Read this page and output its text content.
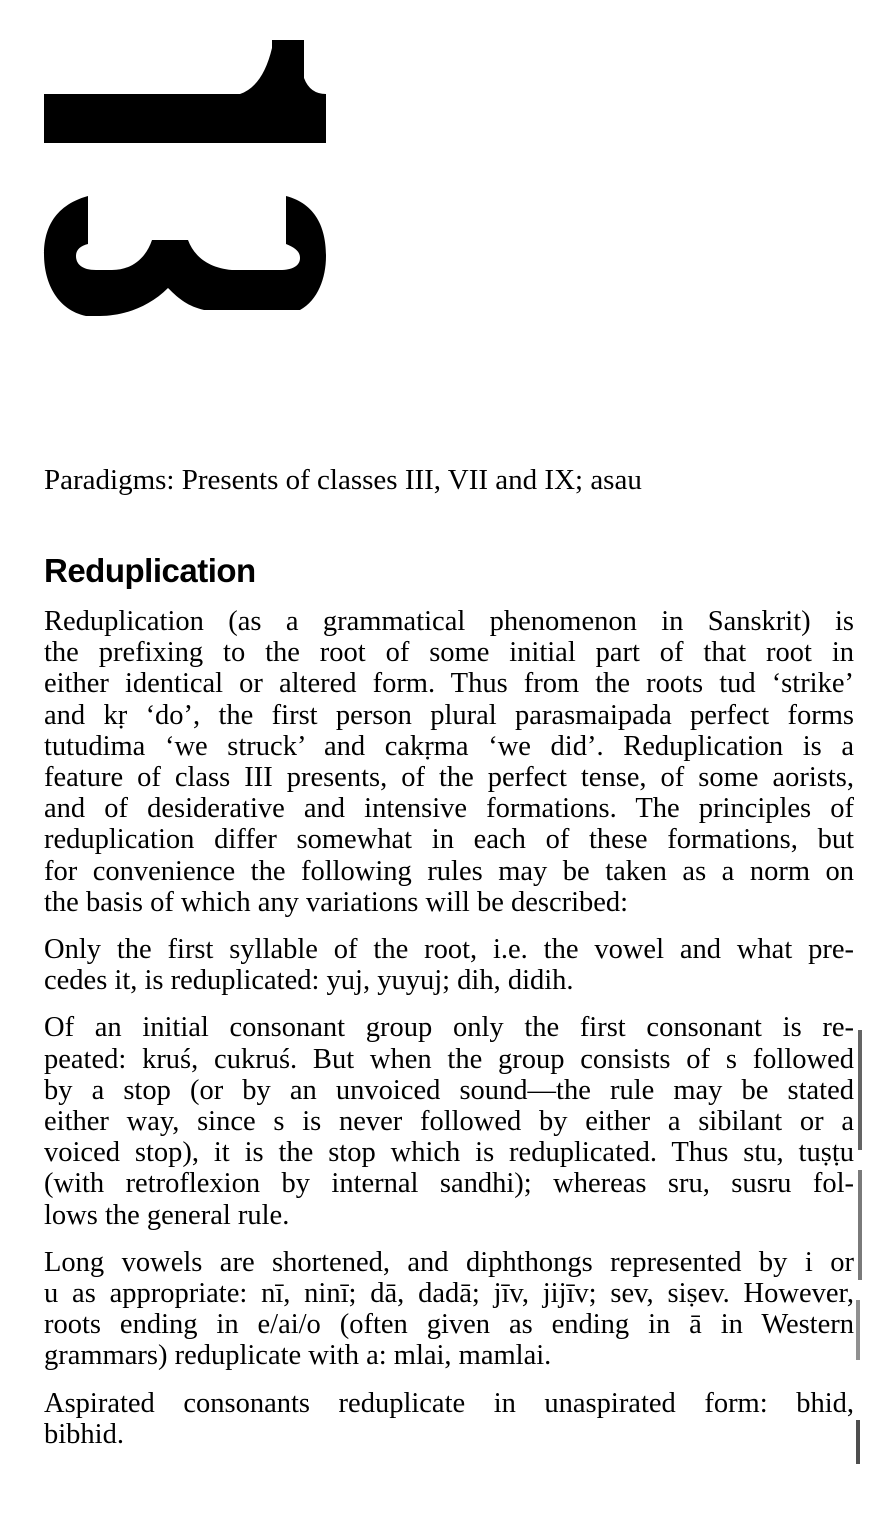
Paradigms: Presents of classes III, VII and IX; asau
Reduplication
Reduplication (as a grammatical phenomenon in Sanskrit) is
the prefixing to the root of some initial part of that root in
either identical or altered form. Thus from the roots tud ‘strike’
and kṛ ‘do’, the first person plural parasmaipada perfect forms
tutudima ‘we struck’ and cakṛma ‘we did’. Reduplication is a
feature of class III presents, of the perfect tense, of some aorists,
and of desiderative and intensive formations. The principles of
reduplication differ somewhat in each of these formations, but
for convenience the following rules may be taken as a norm on
the basis of which any variations will be described:
Only the first syllable of the root, i.e. the vowel and what pre-
cedes it, is reduplicated: yuj, yuyuj; dih, didih.
Of an initial consonant group only the first consonant is re-
peated: kruś, cukruś. But when the group consists of s followed
by a stop (or by an unvoiced sound—the rule may be stated
either way, since s is never followed by either a sibilant or a
voiced stop), it is the stop which is reduplicated. Thus stu, tuṣṭu
(with retroflexion by internal sandhi); whereas sru, susru fol-
lows the general rule.
Long vowels are shortened, and diphthongs represented by i or
u as appropriate: nī, ninī; dā, dadā; jīv, jijīv; sev, siṣev. However,
roots ending in e/ai/o (often given as ending in ā in Western
grammars) reduplicate with a: mlai, mamlai.
Aspirated consonants reduplicate in unaspirated form: bhid,
bibhid.
